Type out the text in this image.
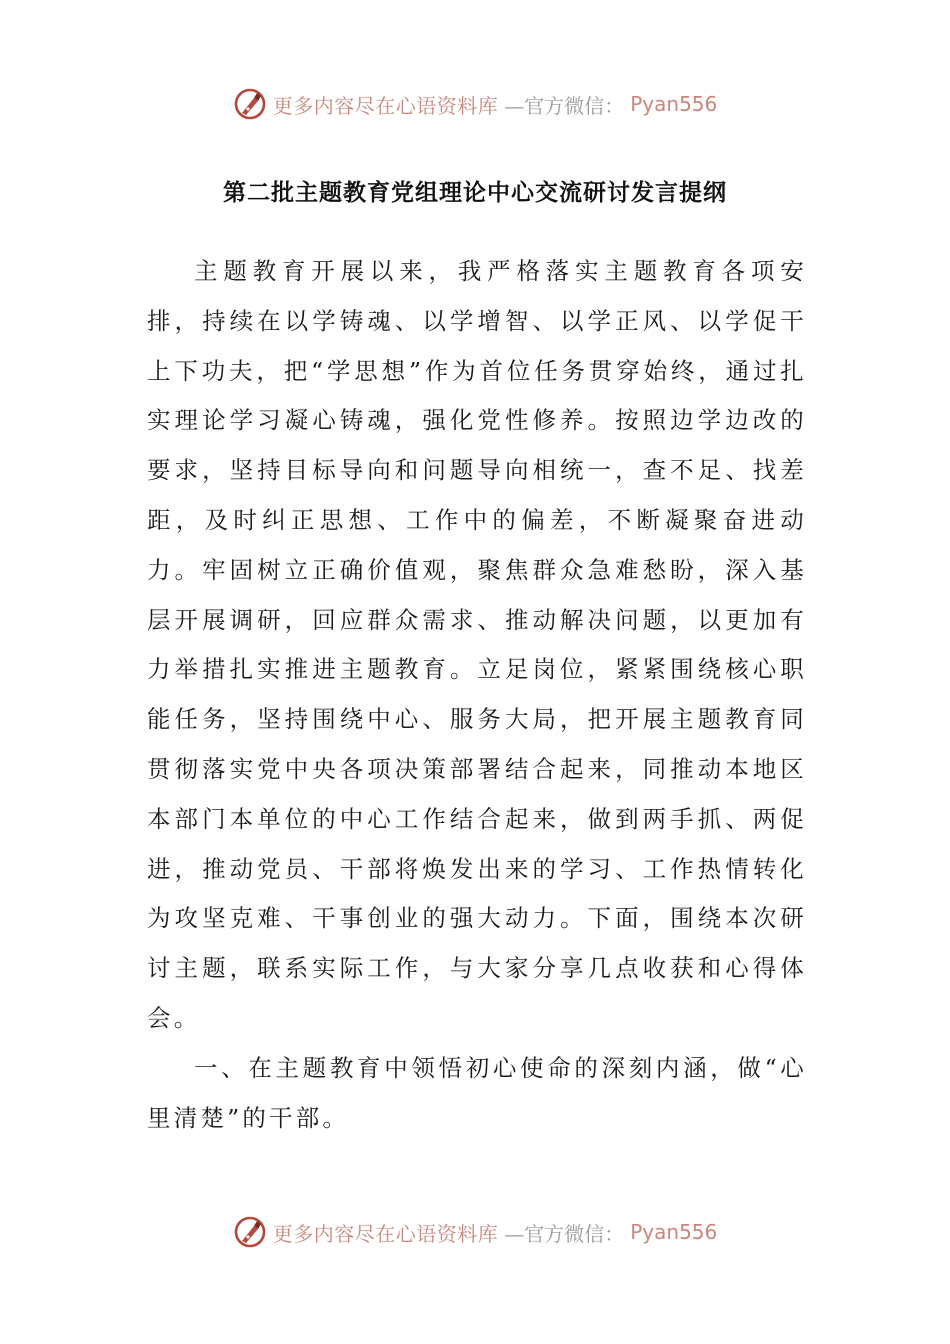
更多内容尽在心语资料库 —官方微信： Pyan556
第二批主题教育党组理论中心交流研讨发言提纲

主题教育开展以来，我严格落实主题教育各项安排，持续在以学铸魂、以学增智、以学正风、以学促干上下功夫，把“学思想”作为首位任务贯穿始终，通过扎实理论学习凝心铸魂，强化党性修养。按照边学边改的要求，坚持目标导向和问题导向相统一，查不足、找差距，及时纠正思想、工作中的偏差，不断凝聚奋进动力。牢固树立正确价值观，聚焦群众急难愁盼，深入基层开展调研，回应群众需求、推动解决问题，以更加有力举措扎实推进主题教育。立足岗位，紧紧围绕核心职能任务，坚持围绕中心、服务大局，把开展主题教育同贯彻落实党中央各项决策部署结合起来，同推动本地区本部门本单位的中心工作结合起来，做到两手抓、两促进，推动党员、干部将焕发出来的学习、工作热情转化为攻坚克难、干事创业的强大动力。下面，围绕本次研讨主题，联系实际工作，与大家分享几点收获和心得体会。

一、在主题教育中领悟初心使命的深刻内涵，做“心里清楚”的干部。

更多内容尽在心语资料库 —官方微信： Pyan556
